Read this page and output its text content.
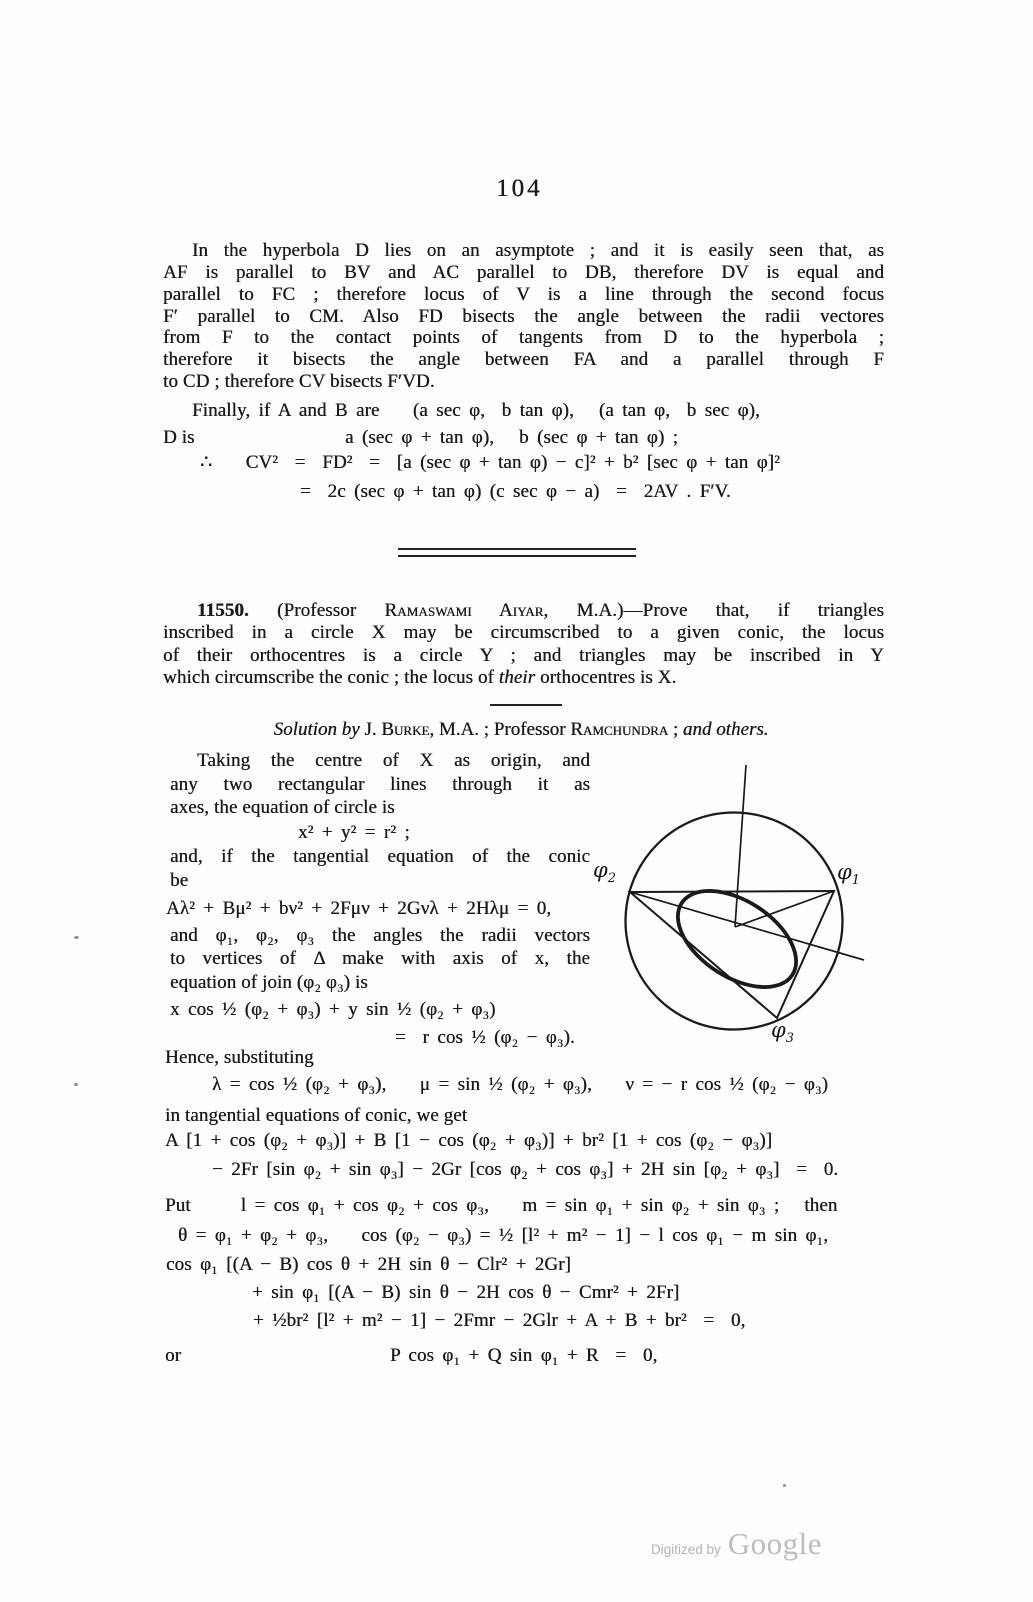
104
In the hyperbola D lies on an asymptote ; and it is easily seen that, as
AF is parallel to BV and AC parallel to DB, therefore DV is equal and
parallel to FC ; therefore locus of V is a line through the second focus
F′ parallel to CM. Also FD bisects the angle between the radii vectores
from F to the contact points of tangents from D to the hyperbola ;
therefore it bisects the angle between FA and a parallel through F
to CD ; therefore CV bisects F′VD.
Finally, if A and B are    (a sec φ,  b tan φ),   (a tan φ,  b sec φ),
D is	a (sec φ + tan φ),   b (sec φ + tan φ) ;
∴    CV²  =  FD²  =  [a (sec φ + tan φ) − c]² + b² [sec φ + tan φ]²
=  2c (sec φ + tan φ) (c sec φ − a)  =  2AV . F′V.
11550. (Professor Ramaswami Aiyar, M.A.)—Prove that, if triangles
inscribed in a circle X may be circumscribed to a given conic, the locus
of their orthocentres is a circle Y ; and triangles may be inscribed in Y
which circumscribe the conic ; the locus of their orthocentres is X.
Solution by J. Burke, M.A. ; Professor Ramchundra ; and others.
Taking the centre of X as origin, and
any two rectangular lines through it as
axes, the equation of circle is
x² + y² = r² ;
and, if the tangential equation of the conic
be
Aλ² + Bμ² + bν² + 2Fμν + 2Gνλ + 2Hλμ = 0,
and φ₁, φ₂, φ₃ the angles the radii vectors
to vertices of Δ make with axis of x, the
equation of join (φ₂ φ₃) is
x cos ½ (φ₂ + φ₃) + y sin ½ (φ₂ + φ₃)
=  r cos ½ (φ₂ − φ₃).
Hence, substituting
λ = cos ½ (φ₂ + φ₃),    μ = sin ½ (φ₂ + φ₃),    ν = − r cos ½ (φ₂ − φ₃)
in tangential equations of conic, we get
A [1 + cos (φ₂ + φ₃)] + B [1 − cos (φ₂ + φ₃)] + br² [1 + cos (φ₂ − φ₃)]
− 2Fr [sin φ₂ + sin φ₃] − 2Gr [cos φ₂ + cos φ₃] + 2H sin [φ₂ + φ₃]  =  0.
Put      l = cos φ₁ + cos φ₂ + cos φ₃,    m = sin φ₁ + sin φ₂ + sin φ₃ ;   then
θ = φ₁ + φ₂ + φ₃,    cos (φ₂ − φ₃) = ½ [l² + m² − 1] − l cos φ₁ − m sin φ₁,
cos φ₁ [(A − B) cos θ + 2H sin θ − Clr² + 2Gr]
+ sin φ₁ [(A − B) sin θ − 2H cos θ − Cmr² + 2Fr]
+ ½br² [l² + m² − 1] − 2Fmr − 2Glr + A + B + br²  =  0,
or	P cos φ₁ + Q sin φ₁ + R  =  0,
$\varphi_2$	$\varphi_1$
$\varphi_3$
Digitized by Google
